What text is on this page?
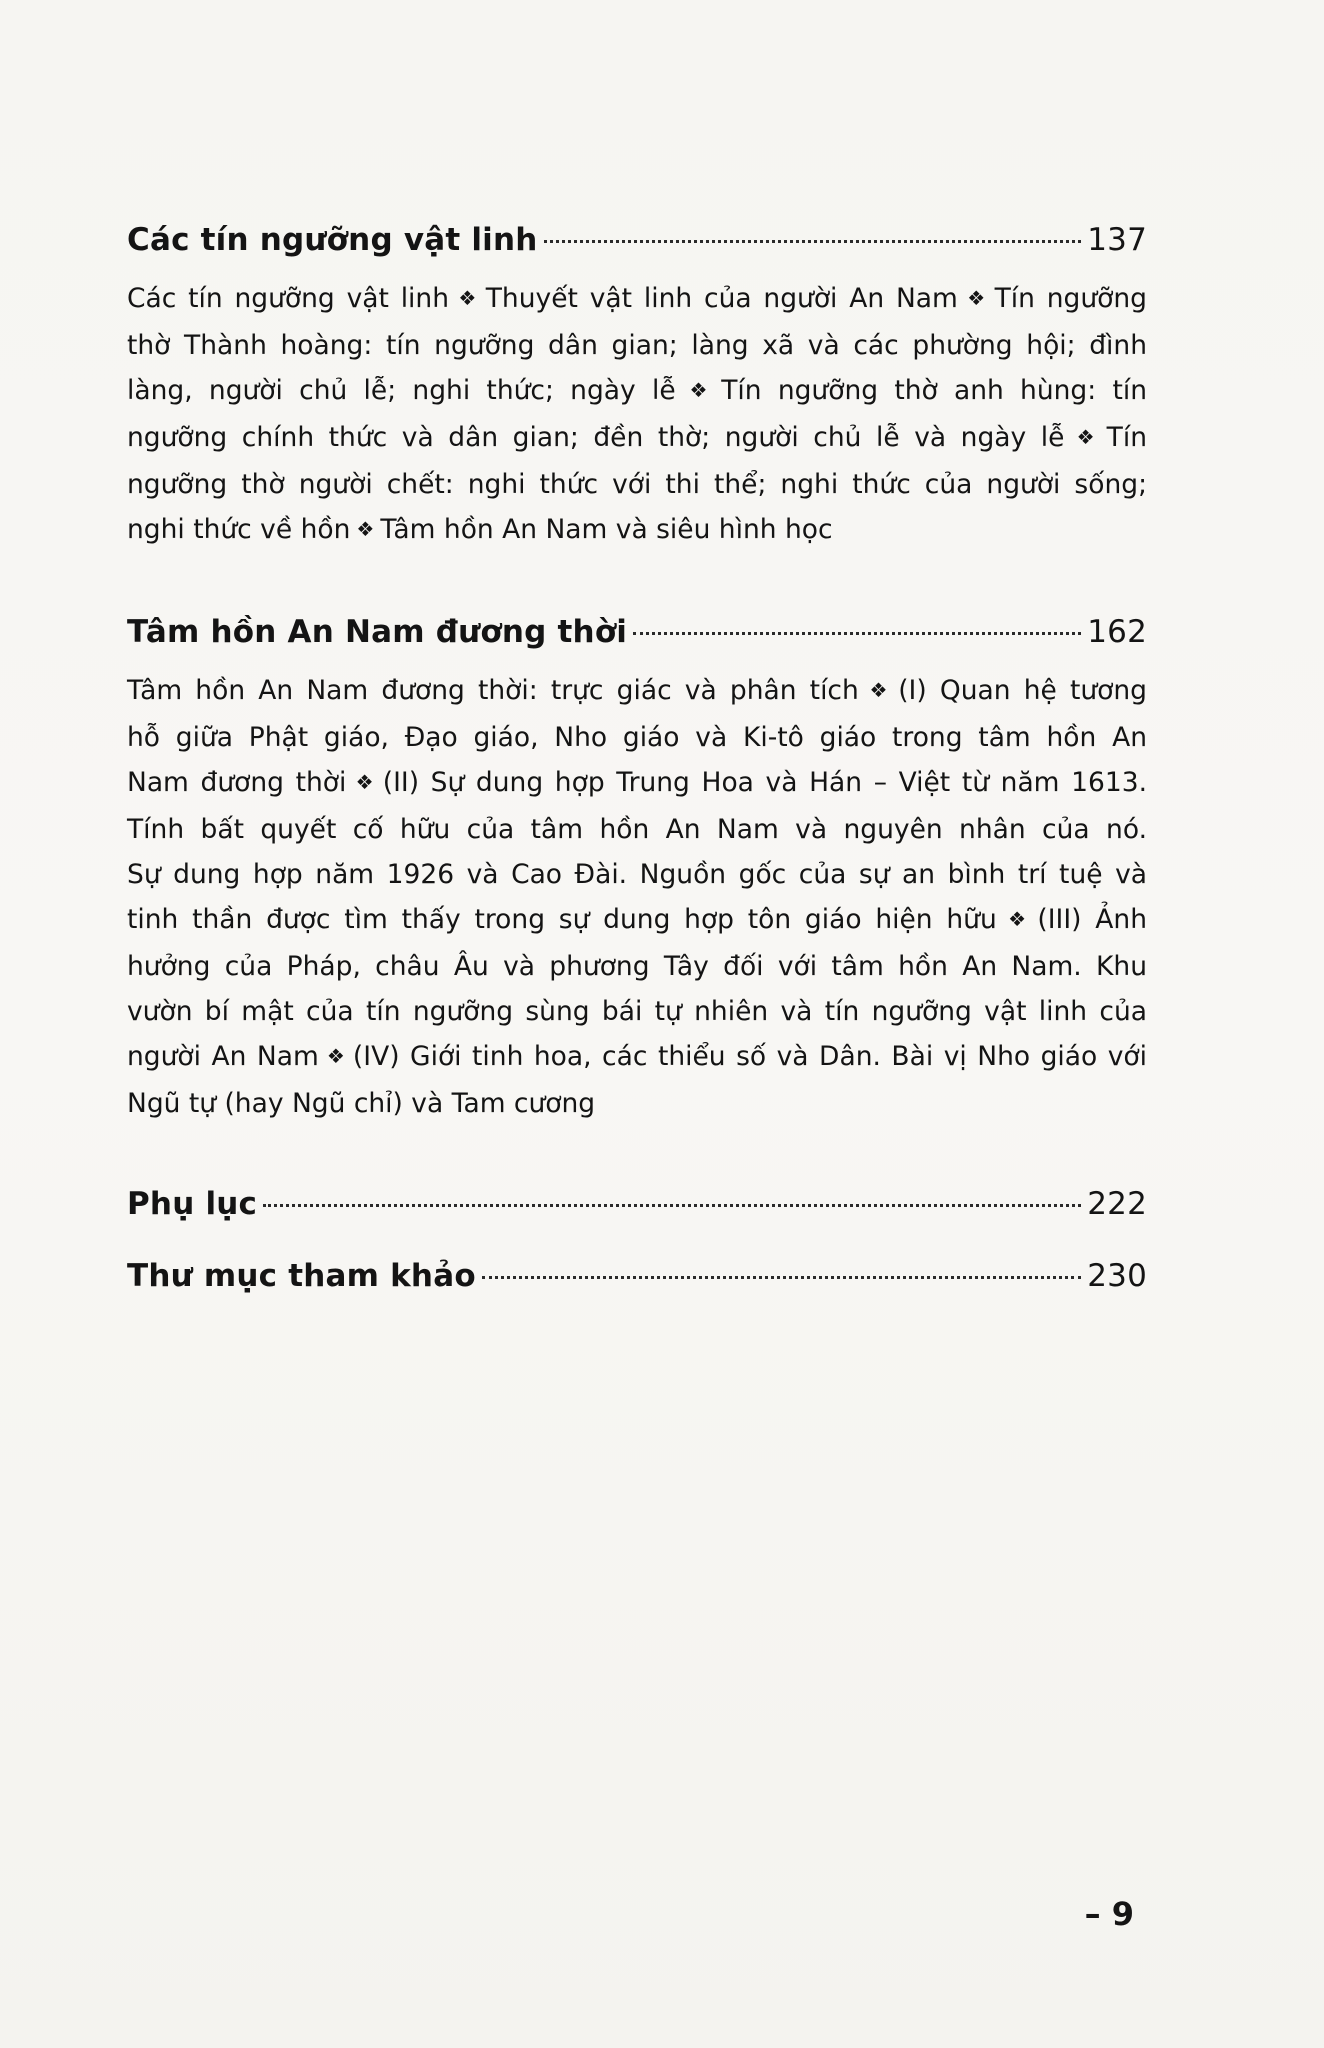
Các tín ngưỡng vật linh	137
Các tín ngưỡng vật linh ❖ Thuyết vật linh của người An Nam ❖ Tín ngưỡng
thờ Thành hoàng: tín ngưỡng dân gian; làng xã và các phường hội; đình
làng, người chủ lễ; nghi thức; ngày lễ ❖ Tín ngưỡng thờ anh hùng: tín
ngưỡng chính thức và dân gian; đền thờ; người chủ lễ và ngày lễ ❖ Tín
ngưỡng thờ người chết: nghi thức với thi thể; nghi thức của người sống;
nghi thức về hồn ❖ Tâm hồn An Nam và siêu hình học
Tâm hồn An Nam đương thời	162
Tâm hồn An Nam đương thời: trực giác và phân tích ❖ (I) Quan hệ tương
hỗ giữa Phật giáo, Đạo giáo, Nho giáo và Ki-tô giáo trong tâm hồn An
Nam đương thời ❖ (II) Sự dung hợp Trung Hoa và Hán – Việt từ năm 1613.
Tính bất quyết cố hữu của tâm hồn An Nam và nguyên nhân của nó.
Sự dung hợp năm 1926 và Cao Đài. Nguồn gốc của sự an bình trí tuệ và
tinh thần được tìm thấy trong sự dung hợp tôn giáo hiện hữu ❖ (III) Ảnh
hưởng của Pháp, châu Âu và phương Tây đối với tâm hồn An Nam. Khu
vườn bí mật của tín ngưỡng sùng bái tự nhiên và tín ngưỡng vật linh của
người An Nam ❖ (IV) Giới tinh hoa, các thiểu số và Dân. Bài vị Nho giáo với
Ngũ tự (hay Ngũ chỉ) và Tam cương
Phụ lục	222
Thư mục tham khảo	230
– 9
